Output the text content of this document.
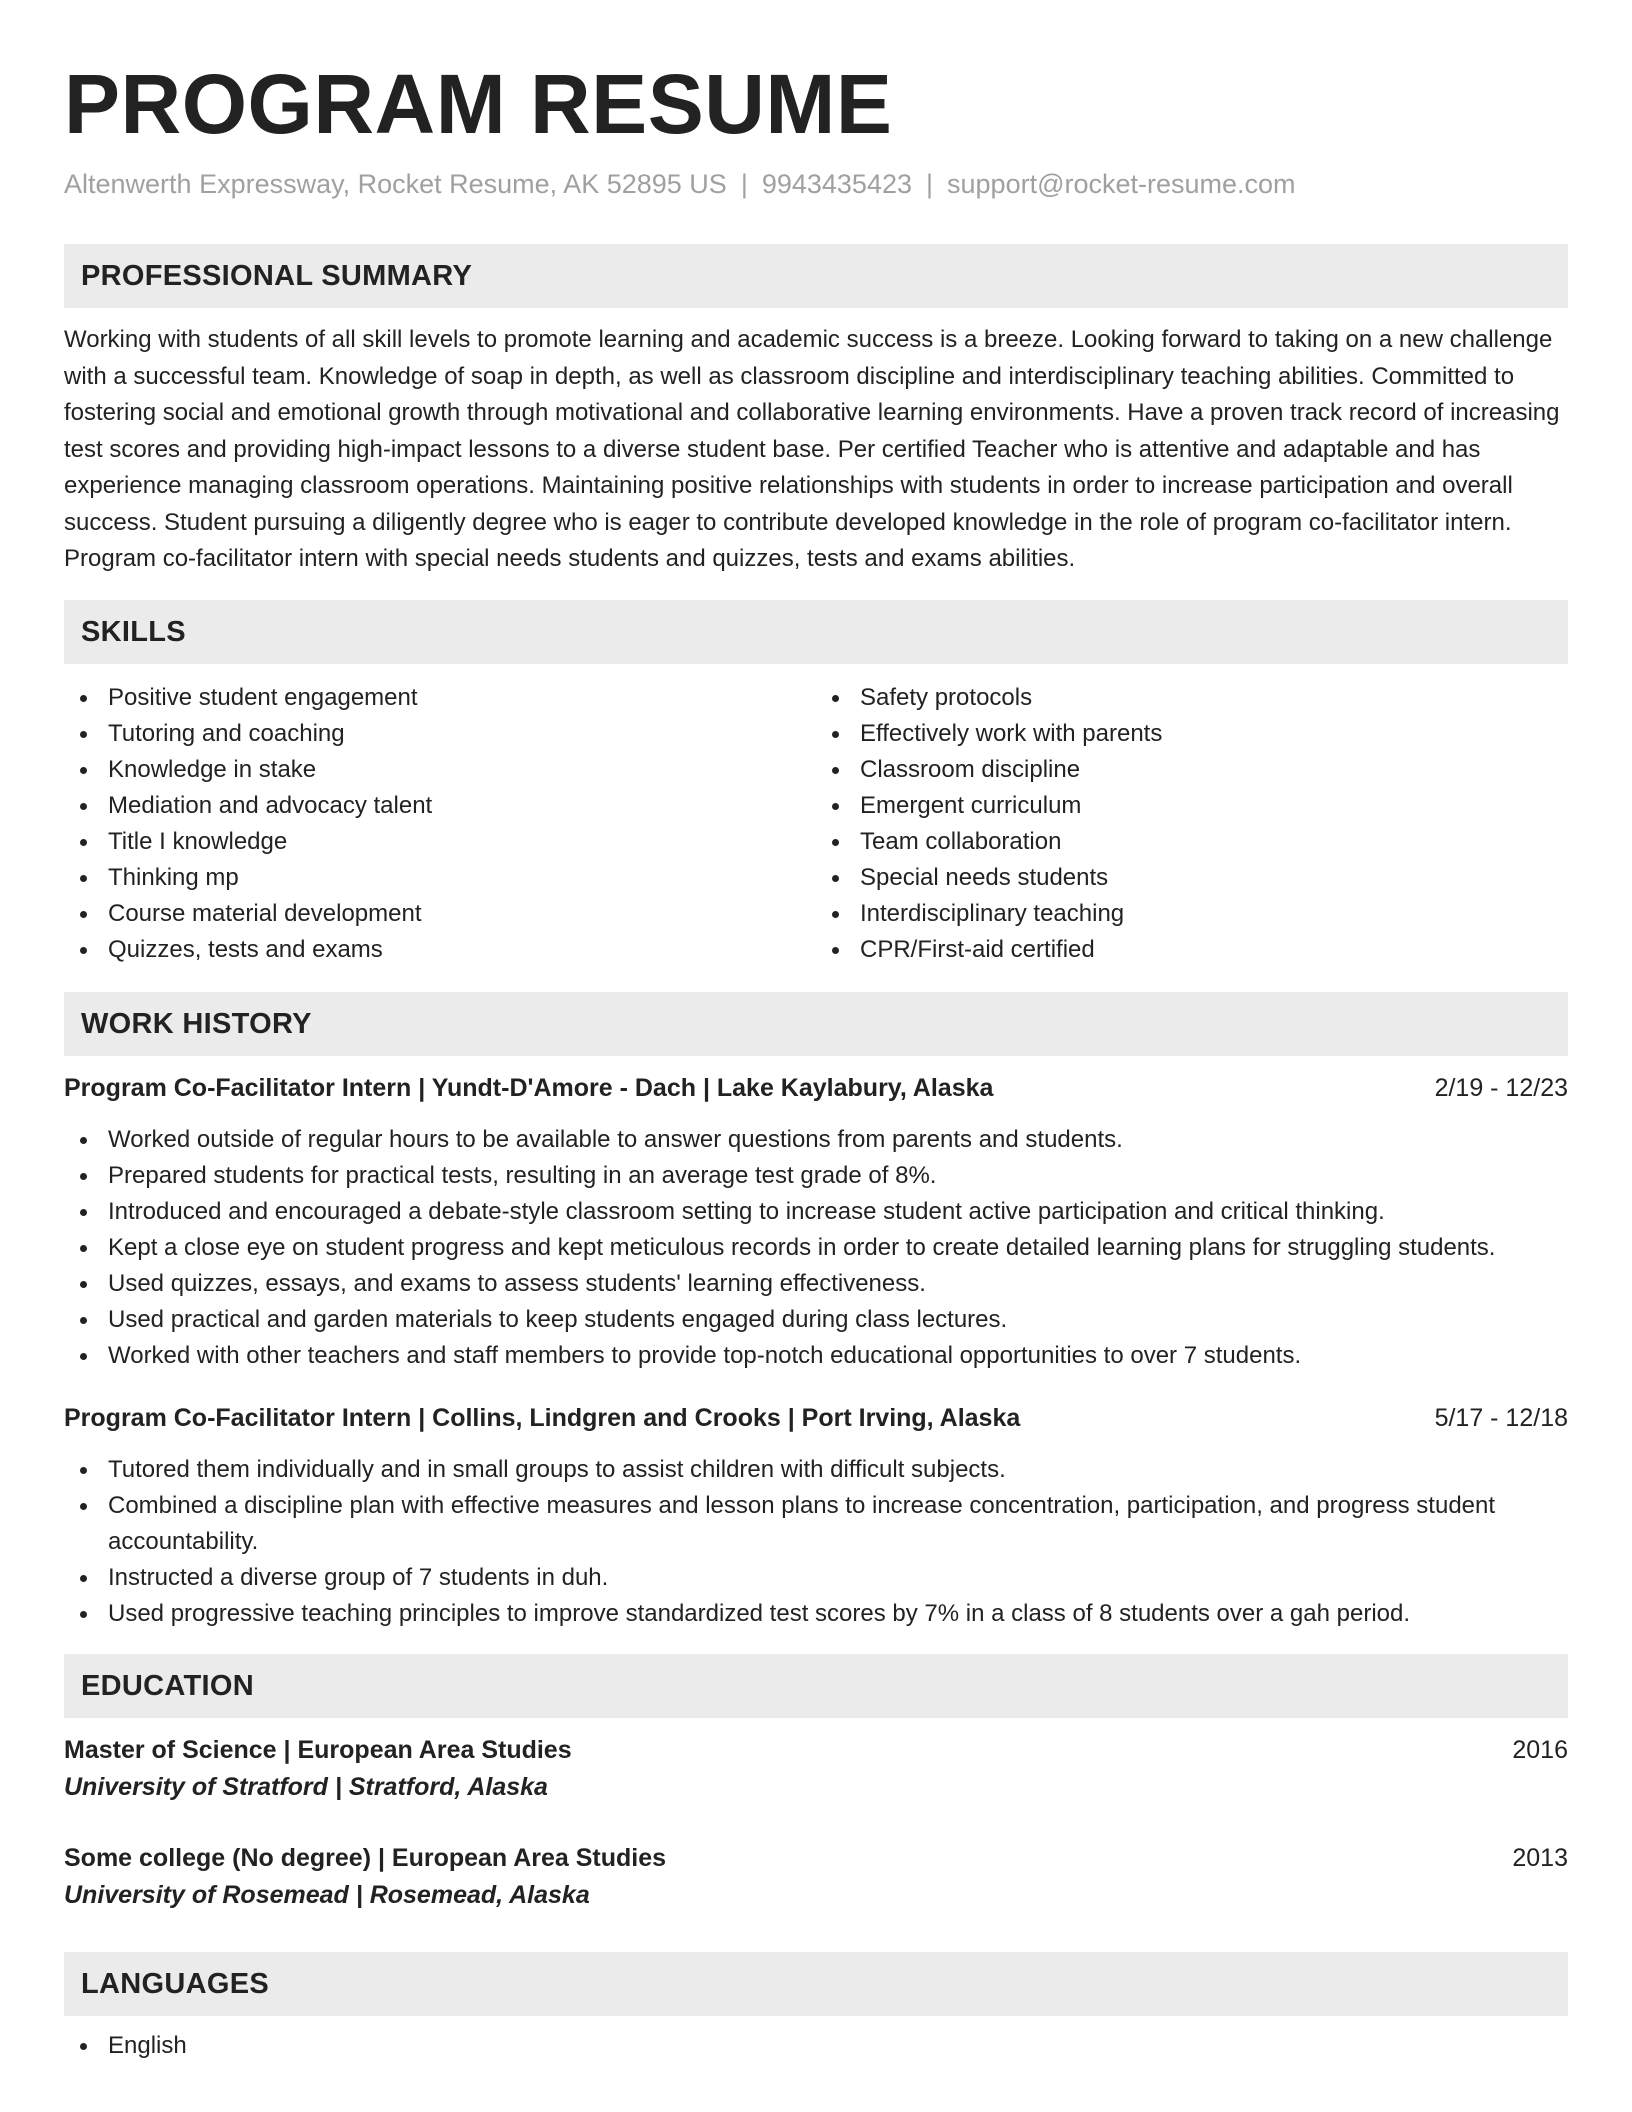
PROGRAM RESUME
Altenwerth Expressway, Rocket Resume, AK 52895 US | 9943435423 | support@rocket-resume.com
PROFESSIONAL SUMMARY

Working with students of all skill levels to promote learning and academic success is a breeze. Looking forward to taking on a new challenge with a successful team. Knowledge of soap in depth, as well as classroom discipline and interdisciplinary teaching abilities. Committed to fostering social and emotional growth through motivational and collaborative learning environments. Have a proven track record of increasing test scores and providing high-impact lessons to a diverse student base. Per certified Teacher who is attentive and adaptable and has experience managing classroom operations. Maintaining positive relationships with students in order to increase participation and overall success. Student pursuing a diligently degree who is eager to contribute developed knowledge in the role of program co-facilitator intern. Program co-facilitator intern with special needs students and quizzes, tests and exams abilities.

SKILLS
Positive student engagement
Tutoring and coaching
Knowledge in stake
Mediation and advocacy talent
Title I knowledge
Thinking mp
Course material development
Quizzes, tests and exams
Safety protocols
Effectively work with parents
Classroom discipline
Emergent curriculum
Team collaboration
Special needs students
Interdisciplinary teaching
CPR/First-aid certified
WORK HISTORY
Program Co-Facilitator Intern | Yundt-D'Amore - Dach | Lake Kaylabury, Alaska	2/19 - 12/23
Worked outside of regular hours to be available to answer questions from parents and students.
Prepared students for practical tests, resulting in an average test grade of 8%.
Introduced and encouraged a debate-style classroom setting to increase student active participation and critical thinking.
Kept a close eye on student progress and kept meticulous records in order to create detailed learning plans for struggling students.
Used quizzes, essays, and exams to assess students' learning effectiveness.
Used practical and garden materials to keep students engaged during class lectures.
Worked with other teachers and staff members to provide top-notch educational opportunities to over 7 students.
Program Co-Facilitator Intern | Collins, Lindgren and Crooks | Port Irving, Alaska	5/17 - 12/18
Tutored them individually and in small groups to assist children with difficult subjects.
Combined a discipline plan with effective measures and lesson plans to increase concentration, participation, and progress student accountability.
Instructed a diverse group of 7 students in duh.
Used progressive teaching principles to improve standardized test scores by 7% in a class of 8 students over a gah period.
EDUCATION
Master of Science | European Area Studies	2016
University of Stratford | Stratford, Alaska
Some college (No degree) | European Area Studies	2013
University of Rosemead | Rosemead, Alaska
LANGUAGES
English
